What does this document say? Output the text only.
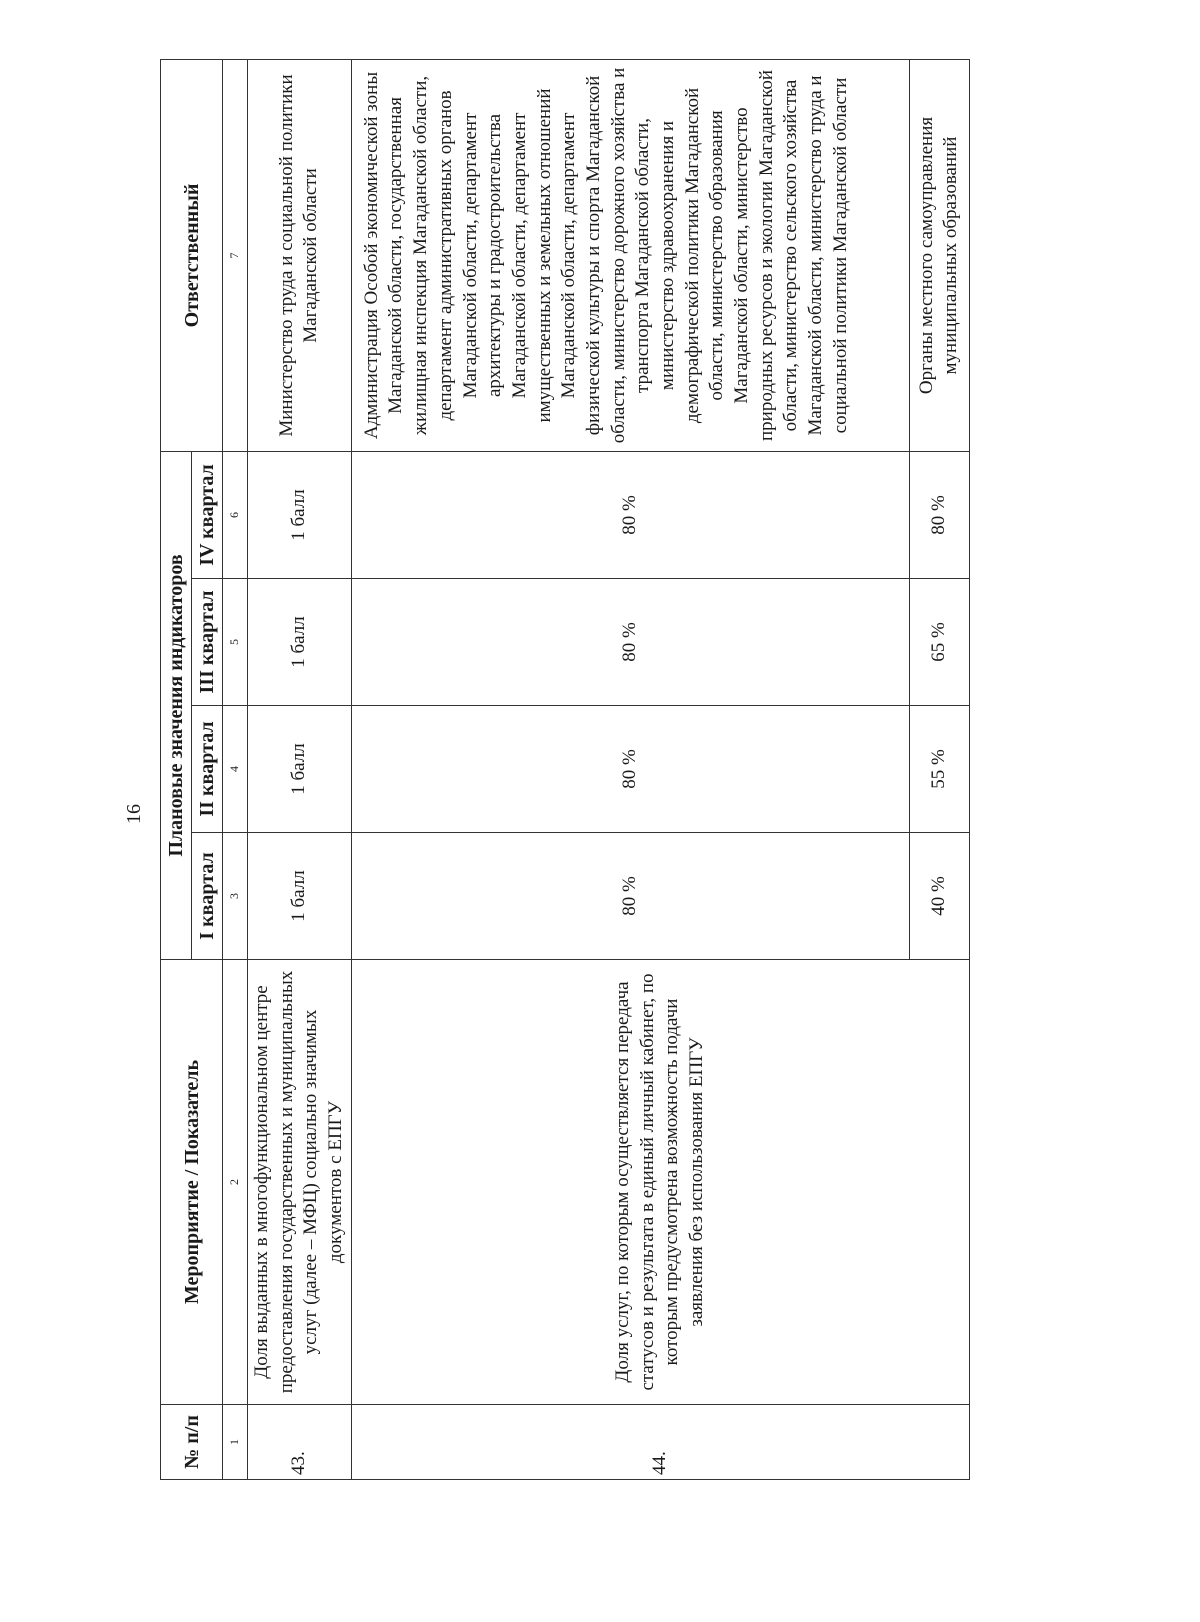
16
№ п/п	Мероприятие / Показатель	Плановые значения индикаторов				Ответственный
		I квартал	II квартал	III квартал	IV квартал	
1	2	3	4	5	6	7
43.	Доля выданных в многофункциональном центре предоставления государственных и муниципальных услуг (далее – МФЦ) социально значимых документов с ЕПГУ	1 балл	1 балл	1 балл	1 балл	Министерство труда и социальной политики Магаданской области
44.	Доля услуг, по которым осуществляется передача статусов и результата в единый личный кабинет, по которым предусмотрена возможность подачи заявления без использования ЕПГУ	80 %	80 %	80 %	80 %	Администрация Особой экономической зоны Магаданской области, государственная жилищная инспекция Магаданской области, департамент административных органов Магаданской области, департамент архитектуры и градостроительства Магаданской области, департамент имущественных и земельных отношений Магаданской области, департамент физической культуры и спорта Магаданской области, министерство дорожного хозяйства и транспорта Магаданской области, министерство здравоохранения и демографической политики Магаданской области, министерство образования Магаданской области, министерство природных ресурсов и экологии Магаданской области, министерство сельского хозяйства Магаданской области, министерство труда и социальной политики Магаданской области
		40 %	55 %	65 %	80 %	Органы местного самоуправления муниципальных образований
